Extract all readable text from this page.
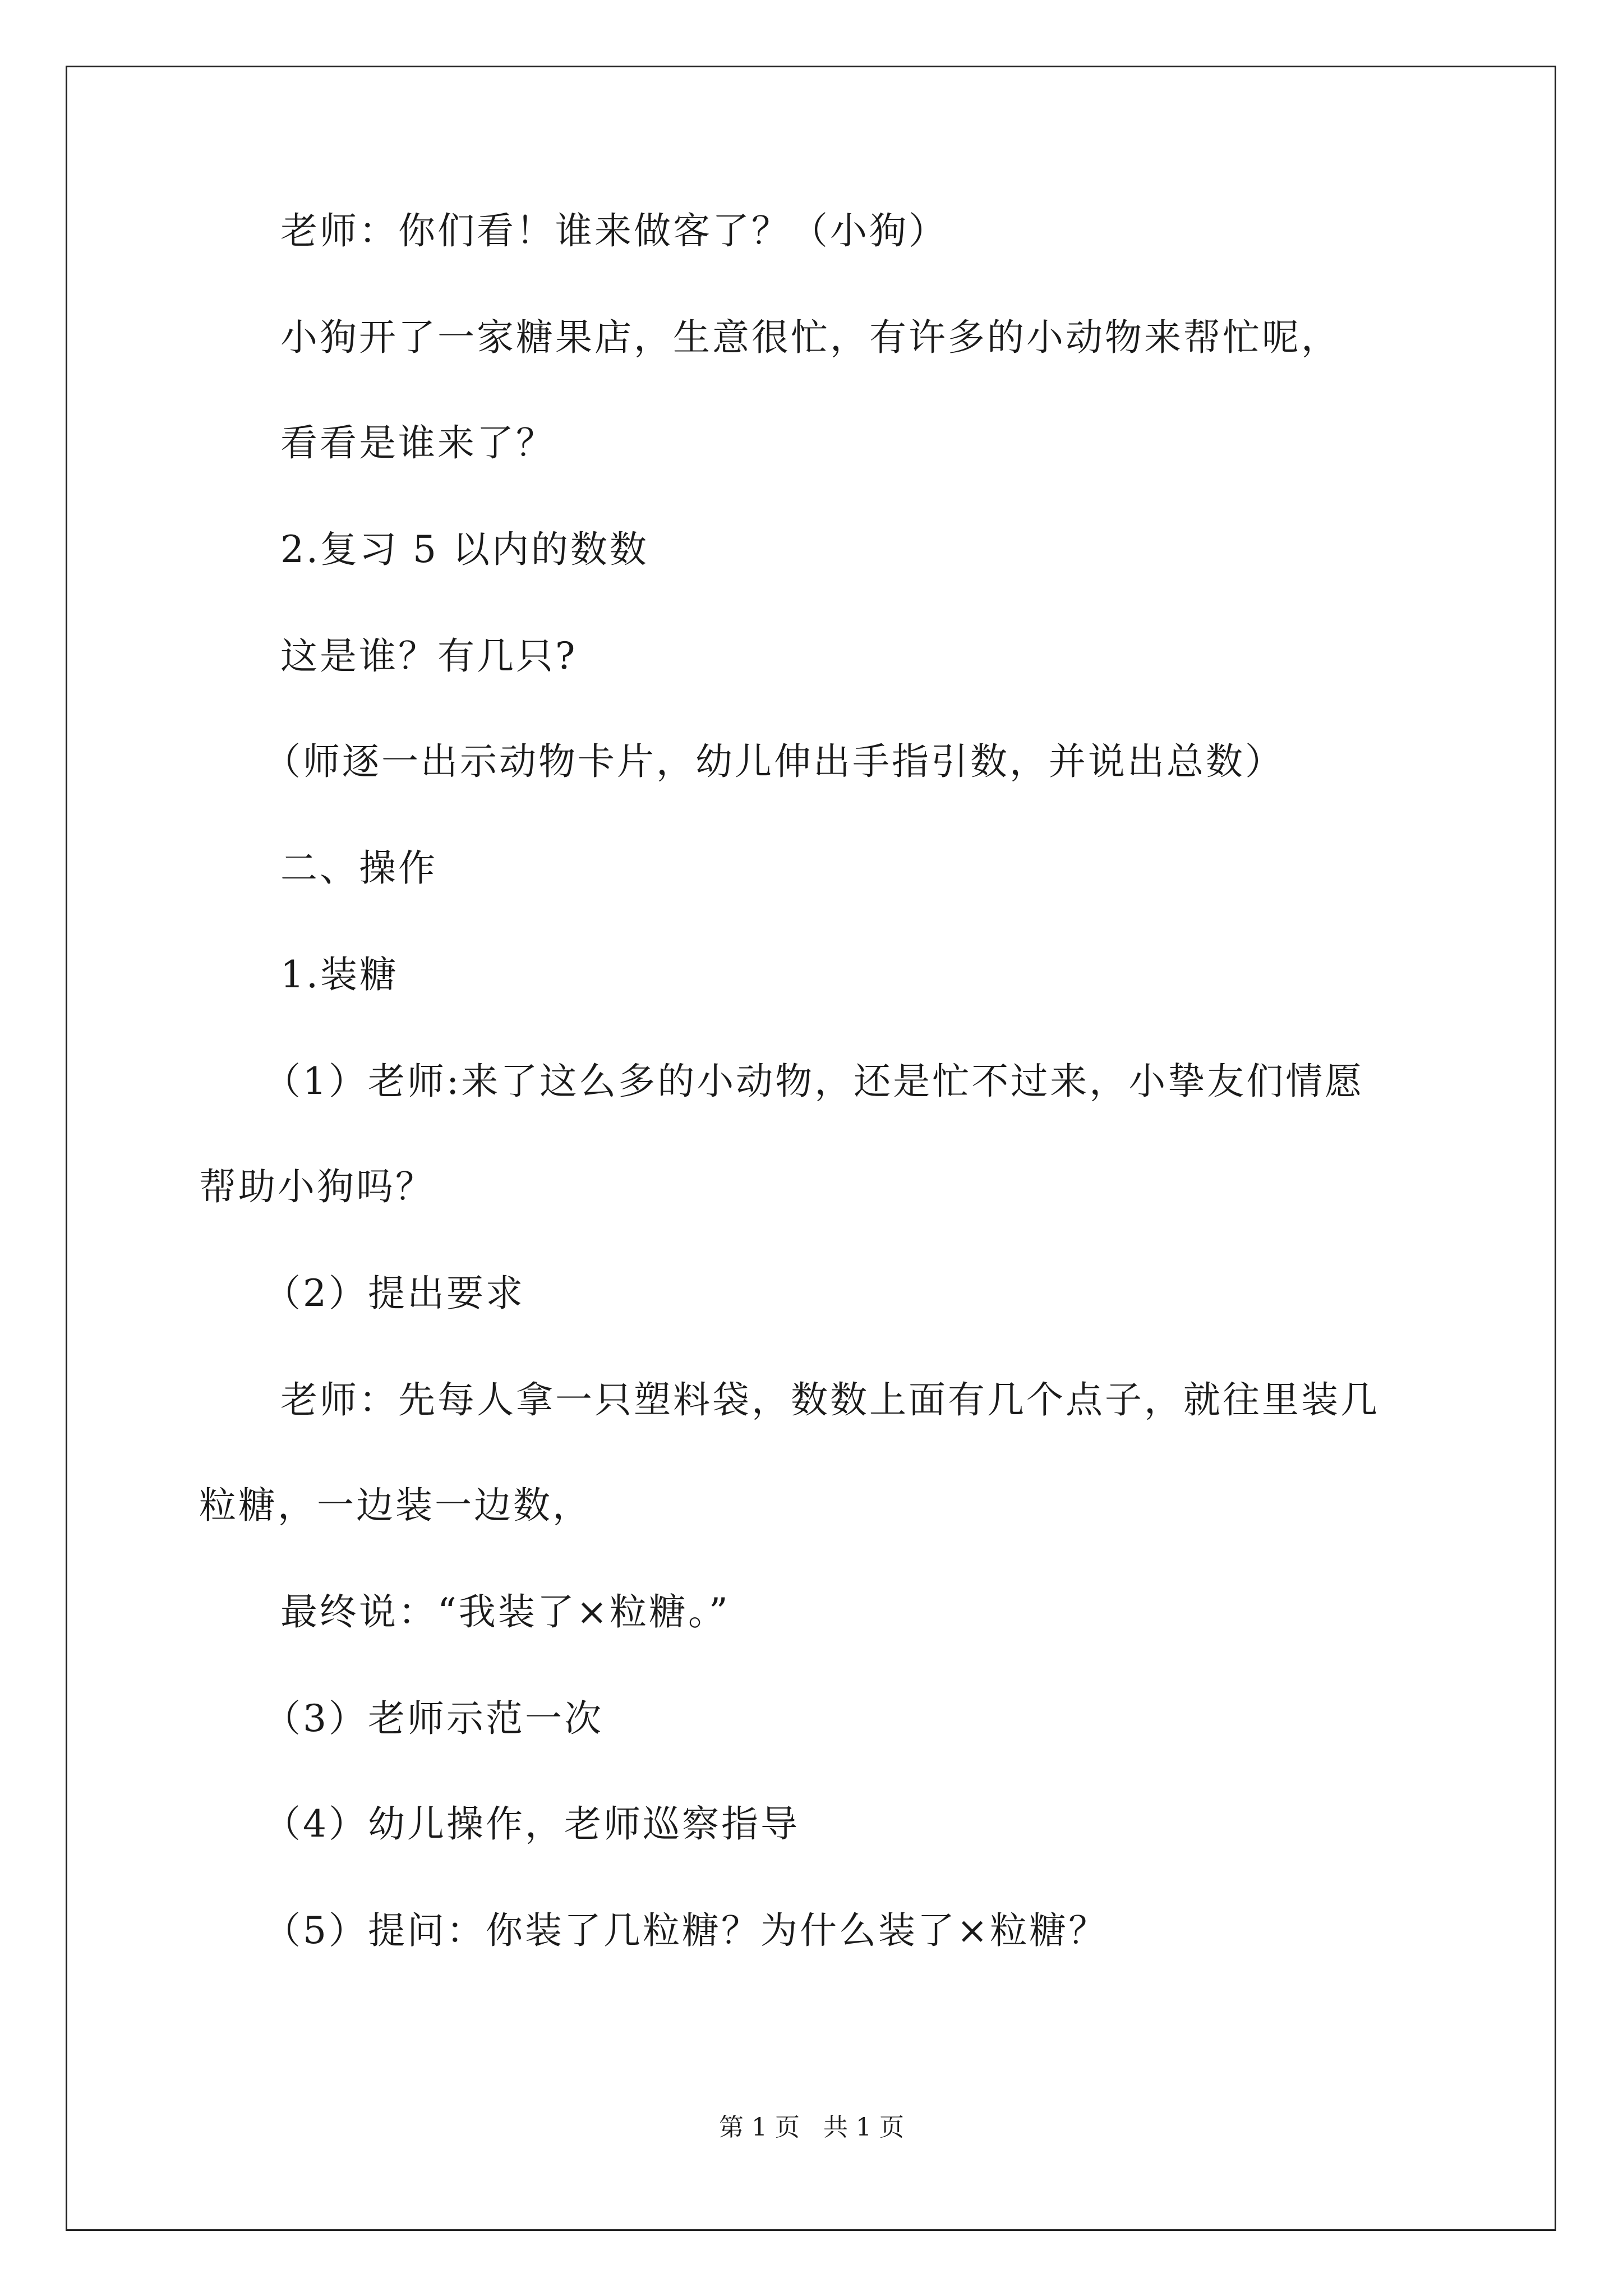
老师：你们看！谁来做客了？（小狗）
小狗开了一家糖果店，生意很忙，有许多的小动物来帮忙呢，
看看是谁来了？
2.复习 5 以内的数数
这是谁？有几只?
（师逐一出示动物卡片，幼儿伸出手指引数，并说出总数）
二、操作
1.装糖
（1）老师:来了这么多的小动物，还是忙不过来，小挚友们情愿
帮助小狗吗？
（2）提出要求
老师：先每人拿一只塑料袋，数数上面有几个点子，就往里装几
粒糖，一边装一边数，
最终说：“我装了×粒糖。”
（3）老师示范一次
（4）幼儿操作，老师巡察指导
（5）提问：你装了几粒糖？为什么装了×粒糖？
第 1 页   共 1 页
